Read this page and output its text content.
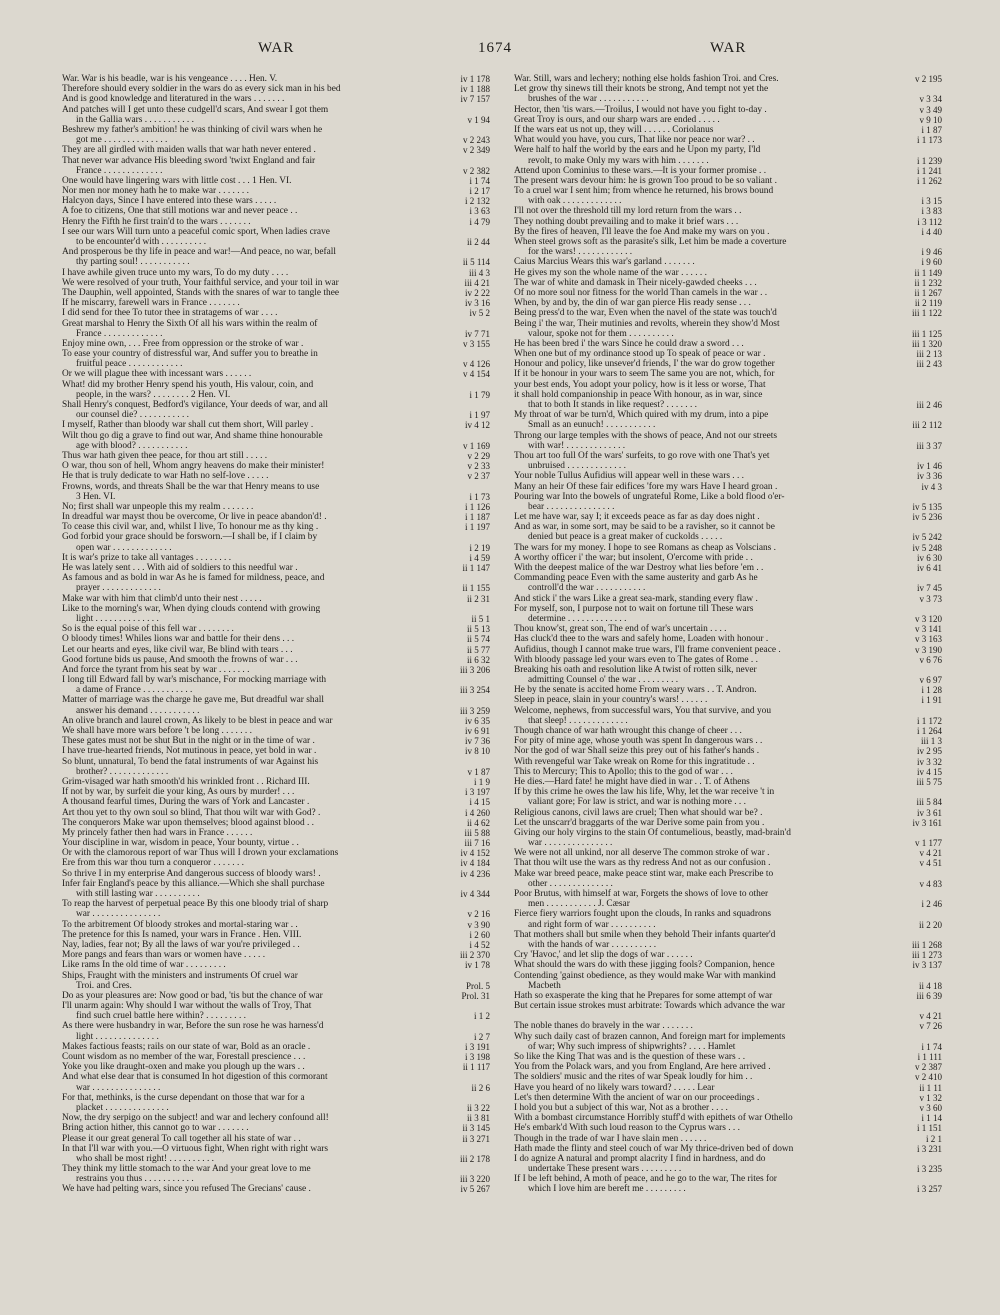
WAR	1674	WAR
War. War is his beadle, war is his vengeance . . . . Hen. V.	iv 1 178
Therefore should every soldier in the wars do as every sick man in his bed	iv 1 188
And is good knowledge and literatured in the wars . . . . . . .	iv 7 157
And patches will I get unto these cudgell'd scars, And swear I got them
in the Gallia wars . . . . . . . . . . .	v 1 94
Beshrew my father's ambition! he was thinking of civil wars when he
got me . . . . . . . . . . . . . .	v 2 243
They are all girdled with maiden walls that war hath never entered .	v 2 349
That never war advance His bleeding sword 'twixt England and fair
France . . . . . . . . . . . . .	v 2 382
One would have lingering wars with little cost . . . 1 Hen. VI.	i 1 74
Nor men nor money hath he to make war . . . . . . .	i 2 17
Halcyon days, Since I have entered into these wars . . . . .	i 2 132
A foe to citizens, One that still motions war and never peace . .	i 3 63
Henry the Fifth he first train'd to the wars . . . . . . .	i 4 79
I see our wars Will turn unto a peaceful comic sport, When ladies crave
to be encounter'd with . . . . . . . . . .	ii 2 44
And prosperous be thy life in peace and war!—And peace, no war, befall
thy parting soul! . . . . . . . . . . .	ii 5 114
I have awhile given truce unto my wars, To do my duty . . . .	iii 4 3
We were resolved of your truth, Your faithful service, and your toil in war	iii 4 21
The Dauphin, well appointed, Stands with the snares of war to tangle thee	iv 2 22
If he miscarry, farewell wars in France . . . . . . .	iv 3 16
I did send for thee To tutor thee in stratagems of war . . . .	iv 5 2
Great marshal to Henry the Sixth Of all his wars within the realm of
France . . . . . . . . . . . . .	iv 7 71
Enjoy mine own, . . . Free from oppression or the stroke of war .	v 3 155
To ease your country of distressful war, And suffer you to breathe in
fruitful peace . . . . . . . . . . . .	v 4 126
Or we will plague thee with incessant wars . . . . . .	v 4 154
What! did my brother Henry spend his youth, His valour, coin, and
people, in the wars? . . . . . . . . 2 Hen. VI.	i 1 79
Shall Henry's conquest, Bedford's vigilance, Your deeds of war, and all
our counsel die? . . . . . . . . . . .	i 1 97
I myself, Rather than bloody war shall cut them short, Will parley .	iv 4 12
Wilt thou go dig a grave to find out war, And shame thine honourable
age with blood? . . . . . . . . . . .	v 1 169
Thus war hath given thee peace, for thou art still . . . . .	v 2 29
O war, thou son of hell, Whom angry heavens do make their minister!	v 2 33
He that is truly dedicate to war Hath no self-love . . . . .	v 2 37
Frowns, words, and threats Shall be the war that Henry means to use
3 Hen. VI.	i 1 73
No; first shall war unpeople this my realm . . . . . . .	i 1 126
In dreadful war mayst thou be overcome, Or live in peace abandon'd! .	i 1 187
To cease this civil war, and, whilst I live, To honour me as thy king .	i 1 197
God forbid your grace should be forsworn.—I shall be, if I claim by
open war . . . . . . . . . . . . .	i 2 19
It is war's prize to take all vantages . . . . . . . .	i 4 59
He was lately sent . . . With aid of soldiers to this needful war .	ii 1 147
As famous and as bold in war As he is famed for mildness, peace, and
prayer . . . . . . . . . . . . .	ii 1 155
Make war with him that climb'd unto their nest . . . . .	ii 2 31
Like to the morning's war, When dying clouds contend with growing
light . . . . . . . . . . . . . .	ii 5 1
So is the equal poise of this fell war . . . . . . . .	ii 5 13
O bloody times! Whiles lions war and battle for their dens . . .	ii 5 74
Let our hearts and eyes, like civil war, Be blind with tears . . .	ii 5 77
Good fortune bids us pause, And smooth the frowns of war . . .	ii 6 32
And force the tyrant from his seat by war . . . . . . .	iii 3 206
I long till Edward fall by war's mischance, For mocking marriage with
a dame of France . . . . . . . . . . .	iii 3 254
Matter of marriage was the charge he gave me, But dreadful war shall
answer his demand . . . . . . . . . . .	iii 3 259
An olive branch and laurel crown, As likely to be blest in peace and war	iv 6 35
We shall have more wars before 't be long . . . . . . .	iv 6 91
These gates must not be shut But in the night or in the time of war .	iv 7 36
I have true-hearted friends, Not mutinous in peace, yet bold in war .	iv 8 10
So blunt, unnatural, To bend the fatal instruments of war Against his
brother? . . . . . . . . . . . . .	v 1 87
Grim-visaged war hath smooth'd his wrinkled front . . Richard III.	i 1 9
If not by war, by surfeit die your king, As ours by murder! . . .	i 3 197
A thousand fearful times, During the wars of York and Lancaster .	i 4 15
Art thou yet to thy own soul so blind, That thou wilt war with God? .	i 4 260
The conquerors Make war upon themselves; blood against blood . .	ii 4 62
My princely father then had wars in France . . . . . .	iii 5 88
Your discipline in war, wisdom in peace, Your bounty, virtue . .	iii 7 16
Or with the clamorous report of war Thus will I drown your exclamations	iv 4 152
Ere from this war thou turn a conqueror . . . . . . .	iv 4 184
So thrive I in my enterprise And dangerous success of bloody wars! .	iv 4 236
Infer fair England's peace by this alliance.—Which she shall purchase
with still lasting war . . . . . . . . . .	iv 4 344
To reap the harvest of perpetual peace By this one bloody trial of sharp
war . . . . . . . . . . . . . . .	v 2 16
To the arbitrement Of bloody strokes and mortal-staring war . .	v 3 90
The pretence for this Is named, your wars in France . Hen. VIII.	i 2 60
Nay, ladies, fear not; By all the laws of war you're privileged . .	i 4 52
More pangs and fears than wars or women have . . . . .	iii 2 370
Like rams In the old time of war . . . . . . . . .	iv 1 78
Ships, Fraught with the ministers and instruments Of cruel war
Troi. and Cres.	Prol. 5
Do as your pleasures are: Now good or bad, 'tis but the chance of war	Prol. 31
I'll unarm again: Why should I war without the walls of Troy, That
find such cruel battle here within? . . . . . . . . .	i 1 2
As there were husbandry in war, Before the sun rose he was harness'd
light . . . . . . . . . . . . . .	i 2 7
Makes factious feasts; rails on our state of war, Bold as an oracle .	i 3 191
Count wisdom as no member of the war, Forestall prescience . . .	i 3 198
Yoke you like draught-oxen and make you plough up the wars . .	ii 1 117
And what else dear that is consumed In hot digestion of this cormorant
war . . . . . . . . . . . . . . .	ii 2 6
For that, methinks, is the curse dependant on those that war for a
placket . . . . . . . . . . . . . .	ii 3 22
Now, the dry serpigo on the subject! and war and lechery confound all!	ii 3 81
Bring action hither, this cannot go to war . . . . . . .	ii 3 145
Please it our great general To call together all his state of war . .	ii 3 271
In that I'll war with you.—O virtuous fight, When right with right wars
who shall be most right! . . . . . . . . . .	iii 2 178
They think my little stomach to the war And your great love to me
restrains you thus . . . . . . . . . . .	iii 3 220
We have had pelting wars, since you refused The Grecians' cause .	iv 5 267
War. Still, wars and lechery; nothing else holds fashion Troi. and Cres.	v 2 195
Let grow thy sinews till their knots be strong, And tempt not yet the
brushes of the war . . . . . . . . . . .	v 3 34
Hector, then 'tis wars.—Troilus, I would not have you fight to-day .	v 3 49
Great Troy is ours, and our sharp wars are ended . . . . .	v 9 10
If the wars eat us not up, they will . . . . . . Coriolanus	i 1 87
What would you have, you curs, That like nor peace nor war? . .	i 1 173
Were half to half the world by the ears and he Upon my party, I'ld
revolt, to make Only my wars with him . . . . . . .	i 1 239
Attend upon Cominius to these wars.—It is your former promise . .	i 1 241
The present wars devour him: he is grown Too proud to be so valiant .	i 1 262
To a cruel war I sent him; from whence he returned, his brows bound
with oak . . . . . . . . . . . . .	i 3 15
I'll not over the threshold till my lord return from the wars . .	i 3 83
They nothing doubt prevailing and to make it brief wars . . .	i 3 112
By the fires of heaven, I'll leave the foe And make my wars on you .	i 4 40
When steel grows soft as the parasite's silk, Let him be made a coverture
for the wars! . . . . . . . . . . . .	i 9 46
Caius Marcius Wears this war's garland . . . . . . .	i 9 60
He gives my son the whole name of the war . . . . . .	ii 1 149
The war of white and damask in Their nicely-gawded cheeks . . .	ii 1 232
Of no more soul nor fitness for the world Than camels in the war . .	ii 1 267
When, by and by, the din of war gan pierce His ready sense . . .	ii 2 119
Being press'd to the war, Even when the navel of the state was touch'd	iii 1 122
Being i' the war, Their mutinies and revolts, wherein they show'd Most
valour, spoke not for them . . . . . . . . . .	iii 1 125
He has been bred i' the wars Since he could draw a sword . . .	iii 1 320
When one but of my ordinance stood up To speak of peace or war .	iii 2 13
Honour and policy, like unsever'd friends, I' the war do grow together	iii 2 43
If it be honour in your wars to seem The same you are not, which, for
your best ends, You adopt your policy, how is it less or worse, That
it shall hold companionship in peace With honour, as in war, since
that to both It stands in like request? . . . . . . .	iii 2 46
My throat of war be turn'd, Which quired with my drum, into a pipe
Small as an eunuch! . . . . . . . . . . .	iii 2 112
Throng our large temples with the shows of peace, And not our streets
with war! . . . . . . . . . . . . .	iii 3 37
Thou art too full Of the wars' surfeits, to go rove with one That's yet
unbruised . . . . . . . . . . . . .	iv 1 46
Your noble Tullus Aufidius will appear well in these wars . . .	iv 3 36
Many an heir Of these fair edifices 'fore my wars Have I heard groan .	iv 4 3
Pouring war Into the bowels of ungrateful Rome, Like a bold flood o'er-
bear . . . . . . . . . . . . . . .	iv 5 135
Let me have war, say I; it exceeds peace as far as day does night .	iv 5 236
And as war, in some sort, may be said to be a ravisher, so it cannot be
denied but peace is a great maker of cuckolds . . . . .	iv 5 242
The wars for my money. I hope to see Romans as cheap as Volscians .	iv 5 248
A worthy officer i' the war; but insolent, O'ercome with pride . .	iv 6 30
With the deepest malice of the war Destroy what lies before 'em . .	iv 6 41
Commanding peace Even with the same austerity and garb As he
controll'd the war . . . . . . . . . . .	iv 7 45
And stick i' the wars Like a great sea-mark, standing every flaw .	v 3 73
For myself, son, I purpose not to wait on fortune till These wars
determine . . . . . . . . . . . . .	v 3 120
Thou know'st, great son, The end of war's uncertain . . . .	v 3 141
Has cluck'd thee to the wars and safely home, Loaden with honour .	v 3 163
Aufidius, though I cannot make true wars, I'll frame convenient peace .	v 3 190
With bloody passage led your wars even to The gates of Rome . .	v 6 76
Breaking his oath and resolution like A twist of rotten silk, never
admitting Counsel o' the war . . . . . . . . .	v 6 97
He by the senate is accited home From weary wars . . T. Andron.	i 1 28
Sleep in peace, slain in your country's wars! . . . . . .	i 1 91
Welcome, nephews, from successful wars, You that survive, and you
that sleep! . . . . . . . . . . . . .	i 1 172
Though chance of war hath wrought this change of cheer . . .	i 1 264
For pity of mine age, whose youth was spent In dangerous wars . .	iii 1 3
Nor the god of war Shall seize this prey out of his father's hands .	iv 2 95
With revengeful war Take wreak on Rome for this ingratitude . .	iv 3 32
This to Mercury; This to Apollo; this to the god of war . . .	iv 4 15
He dies.—Hard fate! he might have died in war . . T. of Athens	iii 5 75
If by this crime he owes the law his life, Why, let the war receive 't in
valiant gore; For law is strict, and war is nothing more . . .	iii 5 84
Religious canons, civil laws are cruel; Then what should war be? .	iv 3 61
Let the unscarr'd braggarts of the war Derive some pain from you .	iv 3 161
Giving our holy virgins to the stain Of contumelious, beastly, mad-brain'd
war . . . . . . . . . . . . . . .	v 1 177
We were not all unkind, nor all deserve The common stroke of war .	v 4 21
That thou wilt use the wars as thy redress And not as our confusion .	v 4 51
Make war breed peace, make peace stint war, make each Prescribe to
other . . . . . . . . . . . . . .	v 4 83
Poor Brutus, with himself at war, Forgets the shows of love to other
men . . . . . . . . . . . J. Cæsar	i 2 46
Fierce fiery warriors fought upon the clouds, In ranks and squadrons
and right form of war . . . . . . . . . .	ii 2 20
That mothers shall but smile when they behold Their infants quarter'd
with the hands of war . . . . . . . . . .	iii 1 268
Cry 'Havoc,' and let slip the dogs of war . . . . . .	iii 1 273
What should the wars do with these jigging fools? Companion, hence	iv 3 137
Contending 'gainst obedience, as they would make War with mankind
Macbeth	ii 4 18
Hath so exasperate the king that he Prepares for some attempt of war	iii 6 39
But certain issue strokes must arbitrate: Towards which advance the war
v 4 21
The noble thanes do bravely in the war . . . . . . .	v 7 26
Why such daily cast of brazen cannon, And foreign mart for implements
of war; Why such impress of shipwrights? . . . . Hamlet	i 1 74
So like the King That was and is the question of these wars . .	i 1 111
You from the Polack wars, and you from England, Are here arrived .	v 2 387
The soldiers' music and the rites of war Speak loudly for him . .	v 2 410
Have you heard of no likely wars toward? . . . . . Lear	ii 1 11
Let's then determine With the ancient of war on our proceedings .	v 1 32
I hold you but a subject of this war, Not as a brother . . . .	v 3 60
With a bombast circumstance Horribly stuff'd with epithets of war Othello	i 1 14
He's embark'd With such loud reason to the Cyprus wars . . .	i 1 151
Though in the trade of war I have slain men . . . . . .	i 2 1
Hath made the flinty and steel couch of war My thrice-driven bed of down	i 3 231
I do agnize A natural and prompt alacrity I find in hardness, and do
undertake These present wars . . . . . . . . .	i 3 235
If I be left behind, A moth of peace, and he go to the war, The rites for
which I love him are bereft me . . . . . . . . .	i 3 257
